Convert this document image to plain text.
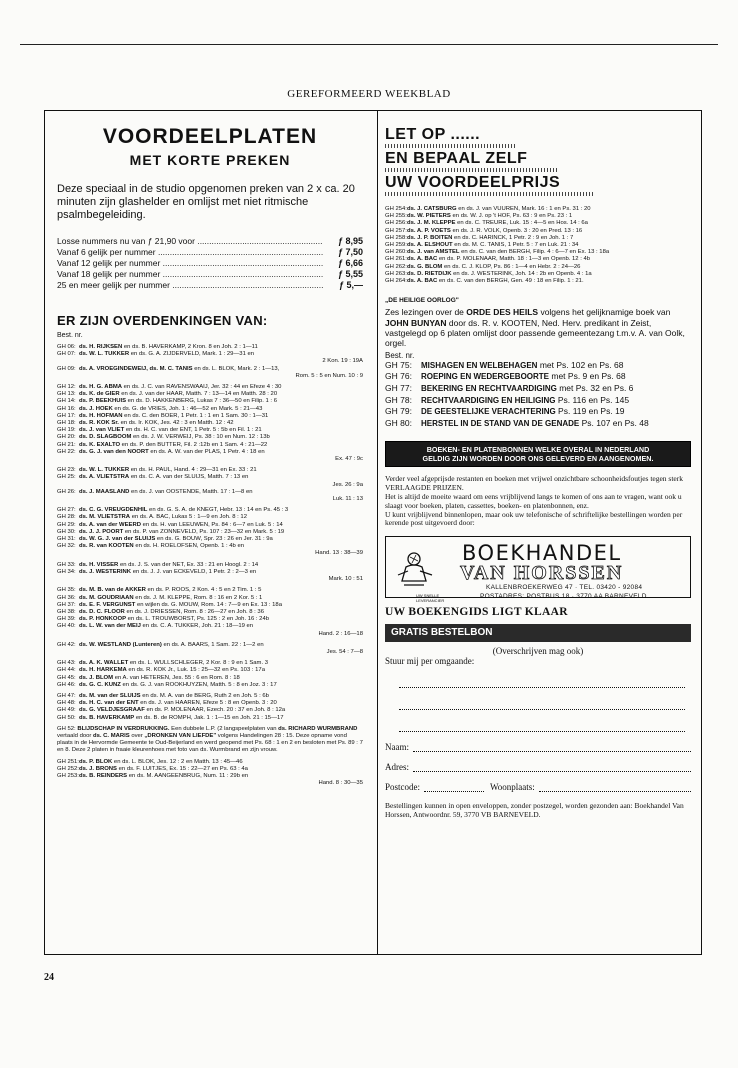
GEREFORMEERD WEEKBLAD
VOORDEELPLATEN
MET KORTE PREKEN
Deze speciaal in de studio opgenomen preken van 2 x ca. 20 minuten zijn glashelder en omlijst met niet ritmische psalmbegeleiding.
Losse nummers nu van ƒ 21,90 voor .....	ƒ 8,95
Vanaf 6 gelijk per nummer .....	ƒ 7,50
Vanaf 12 gelijk per nummer .....	ƒ 6,66
Vanaf 18 gelijk per nummer .....	ƒ 5,55
25 en meer gelijk per nummer .....	ƒ 5,—
ER ZIJN OVERDENKINGEN VAN:
Best. nr.
GH 06: ds. H. RIJKSEN en ds. B. HAVERKAMP, 2 Kron. 8 en Joh. 2 : 1—11
GH 07: ds. W. L. TUKKER en ds. G. A. ZIJDERVELD, Mark. 1 : 29—31 en
2 Kon. 19 : 19A
GH 09: ds. A. VROEGINDEWEIJ, ds. M. C. TANIS en ds. L. BLOK, Mark. 2 : 1—13,
Rom. 5 : 5 en Num. 10 : 9
GH 12: ds. H. G. ABMA en ds. J. C. van RAVENSWAAIJ, Jer. 32 : 44 en Efeze 4 : 30
GH 13: ds. K. de GIER en ds. J. van der HAAR, Matth. 7 : 13—14 en Matth. 28 : 20
GH 14: ds. P. BEEKHUIS en ds. D. HAKKENBERG, Lukas 7 : 36—50 en Filip. 1 : 6
GH 16: ds. J. HOEK en ds. G. de VRIES, Joh. 1 : 46—52 en Mark. 5 : 21—43
GH 17: ds. H. HOFMAN en ds. C. den BOER, 1 Petr. 1 : 1 en 1 Sam. 30 : 1—31
GH 18: ds. R. KOK Sr. en ds. Ir. KOK, Jes. 42 : 3 en Matth. 12 : 42
GH 19: ds. J. van VLIET en ds. H. C. van der ENT, 1 Petr. 5 : 5b en Fil. 1 : 21
GH 20: ds. D. SLAGBOOM en ds. J. W. VERWEIJ, Ps. 38 : 10 en Num. 12 : 13b
GH 21: ds. K. EXALTO en ds. P. den BUTTER, Fil. 2 :12b en 1 Sam. 4 : 21—22
GH 22: ds. G. J. van den NOORT en ds. A. W. van der PLAS, 1 Petr. 4 : 18 en
Ex. 47 : 9c
GH 23: ds. W. L. TUKKER en ds. H. PAUL, Hand. 4 : 29—31 en Ex. 33 : 21
GH 25: ds. A. VLIETSTRA en ds. C. A. van der SLUIJS, Matth. 7 : 13 en
Jes. 26 : 9a
GH 26: ds. J. MAASLAND en ds. J. van OOSTENDE, Matth. 17 : 1—8 en
Luk. 11 : 13
GH 27: ds. C. G. VREUGDENHIL en ds. G. S. A. de KNEGT, Hebr. 13 : 14 en Ps. 45 : 3
GH 28: ds. M. VLIETSTRA en ds. A. BAC, Lukas 5 : 1—9 en Joh. 8 : 12
GH 29: ds. A. van der WEERD en ds. H. van LEEUWEN, Ps. 84 : 6—7 en Luk. 5 : 14
GH 30: ds. J. J. POORT en ds. P. van ZONNEVELD, Ps. 107 : 23—32 en Mark. 5 : 19
GH 31: ds. W. G. J. van der SLUIJS en ds. G. BOUW, Spr. 23 : 26 en Jer. 31 : 9a
GH 32: ds. R. van KOOTEN en ds. H. ROELOFSEN, Openb. 1 : 4b en
Hand. 13 : 38—39
GH 33: ds. H. VISSER en ds. J. S. van der NET, Ex. 33 : 21 en Hoogl. 2 : 14
GH 34: ds. J. WESTERINK en ds. J. J. van ECKEVELD, 1 Petr. 2 : 2—3 en
Mark. 10 : 51
GH 35: ds. M. B. van de AKKER en ds. P. ROOS, 2 Kon. 4 : 5 en 2 Tim. 1 : 5
GH 36: ds. M. GOUDRIAAN en ds. J. M. KLEPPE, Rom. 8 : 16 en 2 Kor. 5 : 1
GH 37: ds. E. F. VERGUNST en wijlen ds. G. MOUW, Rom. 14 : 7—9 en Ex. 13 : 18a
GH 38: ds. D. C. FLOOR en ds. J. DRIESSEN, Rom. 8 : 26—27 en Joh. 8 : 36
GH 39: ds. P. HONKOOP en ds. L. TROUWBORST, Ps. 125 : 2 en Joh. 16 : 24b
GH 40: ds. L. W. van der MEIJ en ds. C. A. TUKKER, Joh. 21 : 18—19 en
Hand. 2 : 16—18
GH 42: ds. W. WESTLAND (Lunteren) en ds. A. BAARS, 1 Sam. 22 : 1—2 en
Jes. 54 : 7—8
GH 43: ds. A. K. WALLET en ds. L. WULLSCHLEGER, 2 Kor. 8 : 9 en 1 Sam. 3
GH 44: ds. H. HARKEMA en ds. R. KOK Jr., Luk. 15 : 25—32 en Ps. 103 : 17a
GH 45: ds. J. BLOM en A. van HETEREN, Jes. 55 : 6 en Rom. 8 : 18
GH 46: ds. G. C. KUNZ en ds. G. J. van ROOKHUYZEN, Matth. 5 : 8 en Joz. 3 : 17
GH 47: ds. M. van der SLUIJS en ds. M. A. van de BERG, Ruth 2 en Joh. 5 : 6b
GH 48: ds. H. C. van der ENT en ds. J. van HAAREN, Efeze 5 : 8 en Openb. 3 : 20
GH 49: ds. G. VELDJESGRAAF en ds. P. MOLENAAR, Ezech. 20 : 37 en Joh. 8 : 12a
GH 50: ds. B. HAVERKAMP en ds. B. de ROMPH, Jak. 1 : 1—15 en Joh. 21 : 15—17
GH 52: BLIJDSCHAP IN VERDRUKKING. Een dubbele L.P. (2 langspeelplaten van ds. RICHARD WURMBRAND vertaald door ds. C. MARIS over „DRONKEN VAN LIEFDE" volgens Handelingen 28 : 15. Deze opname vond plaats in de Hervormde Gemeente te Oud-Beijerland en werd geopend met Ps. 68 : 1 en 2 en besloten met Ps. 89 : 7 en 8. Deze 2 platen in fraaie kleurenhoes met foto van ds. Wurmbrand en zijn vrouw.
GH 251:ds. P. BLOK en ds. L. BLOK, Jes. 12 : 2 en Matth. 13 : 45—46
GH 252:ds. J. BRONS en ds. F. LUITJES, Ex. 15 : 22—27 en Ps. 63 : 4a
GH 253:ds. B. REINDERS en ds. M. AANGEENBRUG, Num. 11 : 29b en
Hand. 8 : 30—35
LET OP ......
EN BEPAAL ZELF
UW VOORDEELPRIJS
GH 254:ds. J. CATSBURG en ds. J. van VUUREN, Mark. 16 : 1 en Ps. 31 : 20
GH 255:ds. W. PIETERS en ds. W. J. op 't HOF, Ps. 63 : 9 en Ps. 23 : 1
GH 256:ds. J. M. KLEPPE en ds. C. TREURE, Luk. 15 : 4—5 en Hos. 14 : 6a
GH 257:ds. A. P. VOETS en ds. J. R. VOLK, Openb. 3 : 20 en Pred. 13 : 16
GH 258:ds. J. P. BOITEN en ds. C. HARINCK, 1 Petr. 2 : 9 en Joh. 1 : 7
GH 259:ds. A. ELSHOUT en ds. M. C. TANIS, 1 Petr. 5 : 7 en Luk. 21 : 34
GH 260:ds. J. van AMSTEL en ds. C. van den BERGH, Filip. 4 : 6—7 en Ex. 13 : 18a
GH 261:ds. A. BAC en ds. P. MOLENAAR, Matth. 18 : 1—3 en Openb. 12 : 4b
GH 262:ds. G. BLOM en ds. C. J. KLOP, Ps. 86 : 1—4 en Hebr. 2 : 24—26
GH 263:ds. D. RIETDIJK en ds. J. WESTERINK, Joh. 14 : 2b en Openb. 4 : 1a
GH 264:ds. A. BAC en ds. C. van den BERGH, Gen. 49 : 18 en Filip. 1 : 21.
„DE HEILIGE OORLOG"
Zes lezingen over de ORDE DES HEILS volgens het gelijknamige boek van JOHN BUNYAN door ds. R. v. KOOTEN, Ned. Herv. predikant in Zeist, vastgelegd op 6 platen omlijst door passende gemeentezang t.m.v. A. van Oolk, orgel.
Best. nr.
GH 75: MISHAGEN EN WELBEHAGEN met Ps. 102 en Ps. 68
GH 76: ROEPING EN WEDERGEBOORTE met Ps. 9 en Ps. 68
GH 77: BEKERING EN RECHTVAARDIGING met Ps. 32 en Ps. 6
GH 78: RECHTVAARDIGING EN HEILIGING Ps. 116 en Ps. 145
GH 79: DE GEESTELIJKE VERACHTERING Ps. 119 en Ps. 19
GH 80: HERSTEL IN DE STAND VAN DE GENADE Ps. 107 en Ps. 48
BOEKEN- EN PLATENBONNEN WELKE OVERAL IN NEDERLAND
GELDIG ZIJN WORDEN DOOR ONS GELEVERD EN AANGENOMEN.
Verder veel afgeprijsde restanten en boeken met vrijwel onzichtbare schoonheidsfoutjes tegen sterk VERLAAGDE PRIJZEN.
Het is altijd de moeite waard om eens vrijblijvend langs te komen of ons aan te vragen, want ook u slaagt voor boeken, platen, cassettes, boeken- en platenbonnen, enz.
U kunt vrijblijvend binnenlopen, maar ook uw telefonische of schriftelijke bestellingen worden per kerende post uitgevoerd door:
BOEKHANDEL
VAN HORSSEN
KALLENBROEKERWEG 47 · TEL. 03420 - 92084
UW SNELLE
LEVERANCIER
POSTADRES: POSTBUS 18 · 3770 AA BARNEVELD
UW BOEKENGIDS LIGT KLAAR
GRATIS BESTELBON
(Overschrijven mag ook)
Stuur mij per omgaande:
Naam:
Adres:
Postcode:	Woonplaats:
Bestellingen kunnen in open enveloppen, zonder postzegel, worden gezonden aan: Boekhandel Van Horssen, Antwoordnr. 59, 3770 VB BARNEVELD.
24
